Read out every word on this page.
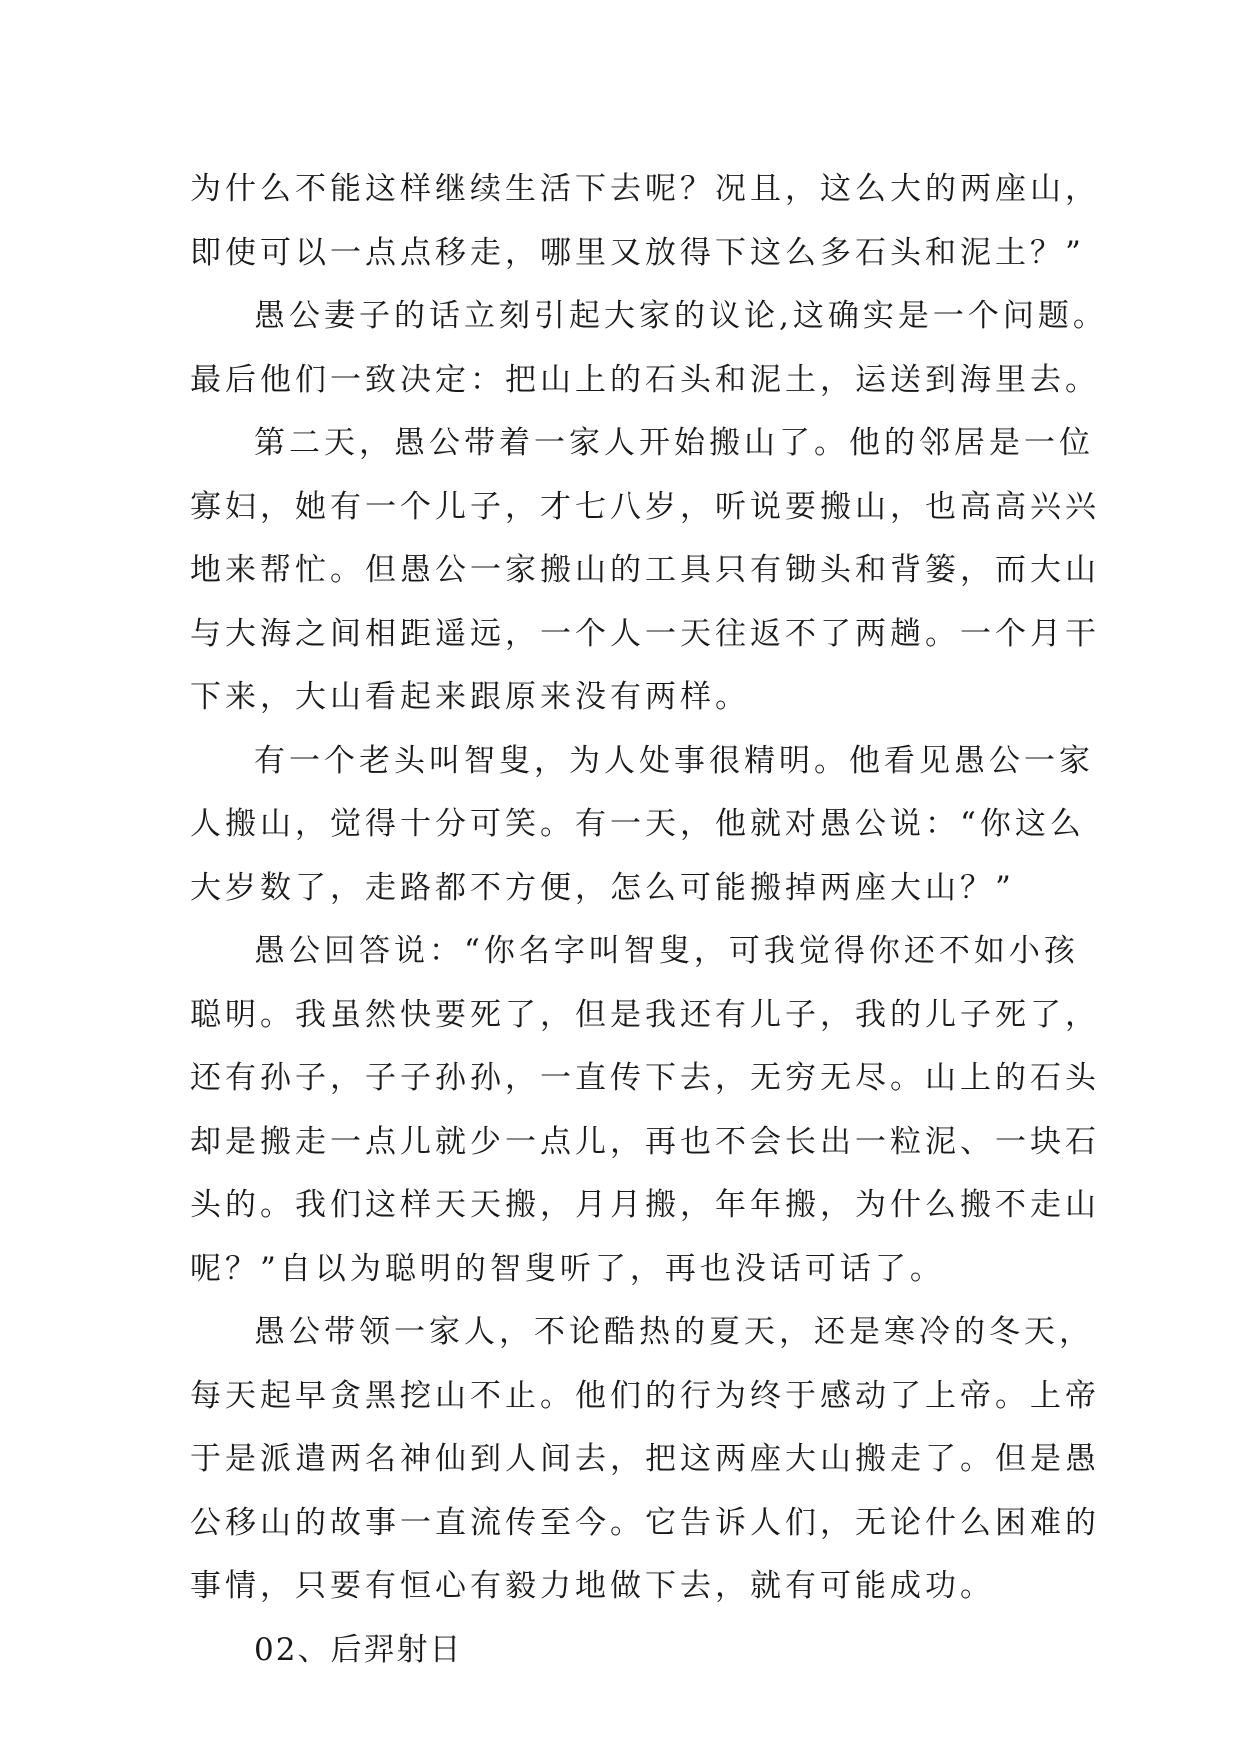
为什么不能这样继续生活下去呢？况且，这么大的两座山，
即使可以一点点移走，哪里又放得下这么多石头和泥土？”
愚公妻子的话立刻引起大家的议论,这确实是一个问题。
最后他们一致决定：把山上的石头和泥土，运送到海里去。
第二天，愚公带着一家人开始搬山了。他的邻居是一位
寡妇，她有一个儿子，才七八岁，听说要搬山，也高高兴兴
地来帮忙。但愚公一家搬山的工具只有锄头和背篓，而大山
与大海之间相距遥远，一个人一天往返不了两趟。一个月干
下来，大山看起来跟原来没有两样。
有一个老头叫智叟，为人处事很精明。他看见愚公一家
人搬山，觉得十分可笑。有一天，他就对愚公说：“你这么
大岁数了，走路都不方便，怎么可能搬掉两座大山？”
愚公回答说：“你名字叫智叟，可我觉得你还不如小孩
聪明。我虽然快要死了，但是我还有儿子，我的儿子死了，
还有孙子，子子孙孙，一直传下去，无穷无尽。山上的石头
却是搬走一点儿就少一点儿，再也不会长出一粒泥、一块石
头的。我们这样天天搬，月月搬，年年搬，为什么搬不走山
呢？”自以为聪明的智叟听了，再也没话可话了。
愚公带领一家人，不论酷热的夏天，还是寒冷的冬天，
每天起早贪黑挖山不止。他们的行为终于感动了上帝。上帝
于是派遣两名神仙到人间去，把这两座大山搬走了。但是愚
公移山的故事一直流传至今。它告诉人们，无论什么困难的
事情，只要有恒心有毅力地做下去，就有可能成功。
02、后羿射日
